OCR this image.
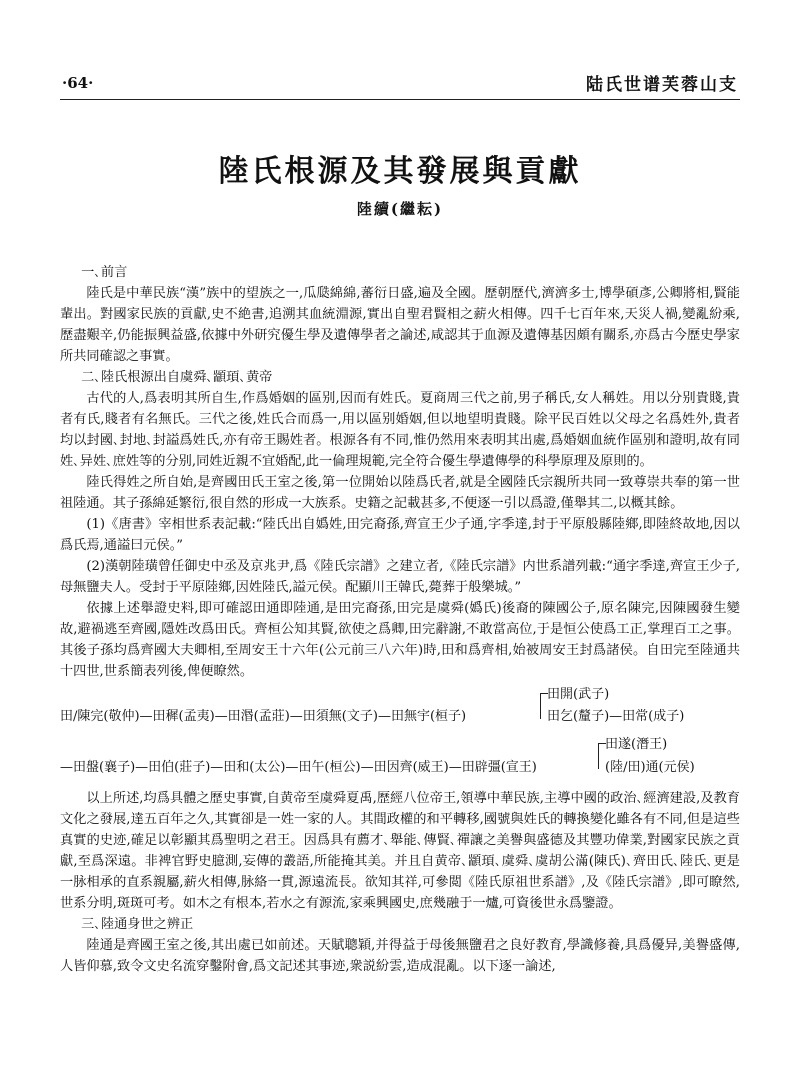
·64·	陆氏世谱芙蓉山支
陸氏根源及其發展與貢獻
陸續(繼耘)

一､前言

陸氏是中華民族“漢”族中的望族之一,瓜瓞綿綿,蕃衍日盛,遍及全國。歷朝歷代,濟濟多士,博學碩彥,公卿將相,賢能輩出。對國家民族的貢獻,史不絶書,追溯其血統淵源,實出自聖君賢相之薪火相傳。四千七百年來,天災人禍,變亂紛乘,歷盡艱辛,仍能振興益盛,依據中外研究優生學及遺傳學者之論述,咸認其于血源及遺傳基因頗有關系,亦爲古今歷史學家所共同確認之事實。

二､陸氏根源出自虞舜､顓頊､黄帝

古代的人,爲表明其所自生,作爲婚姻的區别,因而有姓氏。夏商周三代之前,男子稱氏,女人稱姓。用以分别貴賤,貴者有氏,賤者有名無氏。三代之後,姓氏合而爲一,用以區别婚姻,但以地望明貴賤。除平民百姓以父母之名爲姓外,貴者均以封國､封地､封謚爲姓氏,亦有帝王賜姓者。根源各有不同,惟仍然用來表明其出處,爲婚姻血統作區别和證明,故有同姓､异姓､庶姓等的分别,同姓近親不宜婚配,此一倫理規範,完全符合優生學遺傳學的科學原理及原則的。

陸氏得姓之所自始,是齊國田氏王室之後,第一位開始以陸爲氏者,就是全國陸氏宗親所共同一致尊崇共奉的第一世祖陸通。其子孫綿延繁衍,很自然的形成一大族系。史籍之記載甚多,不便逐一引以爲證,僅舉其二,以概其餘。

(1)《唐書》宰相世系表記載:“陸氏出自嬀姓,田完裔孫,齊宣王少子通,字季達,封于平原般縣陸鄉,即陸終故地,因以爲氏焉,通謚曰元侯。”

(2)漢朝陸璜曾任御史中丞及京兆尹,爲《陸氏宗譜》之建立者,《陸氏宗譜》内世系譜列載:“通字季達,齊宣王少子,母無鹽夫人。受封于平原陸鄉,因姓陸氏,謚元侯。配顯川王韓氏,薨葬于般樂城。”

依據上述舉證史料,即可確認田通即陸通,是田完裔孫,田完是虞舜(嬀氏)後裔的陳國公子,原名陳完,因陳國發生變故,避禍逃至齊國,隱姓改爲田氏。齊桓公知其賢,欲使之爲卿,田完辭謝,不敢當高位,于是恒公使爲工正,掌理百工之事。其後子孫均爲齊國大夫卿相,至周安王十六年(公元前三八六年)時,田和爲齊相,始被周安王封爲諸侯。自田完至陸通共十四世,世系簡表列後,俾便瞭然。

田開(武子)
田/陳完(敬仲)—田穉(孟夷)—田湣(孟莊)—田須無(文子)—田無宇(桓子)	田乞(釐子)—田常(成子)
田遂(潛王)
—田盤(襄子)—田伯(莊子)—田和(太公)—田午(桓公)—田因齊(威王)—田辟彊(宣王)	(陸/田)通(元侯)

以上所述,均爲具體之歷史事實,自黄帝至虞舜夏禹,歷經八位帝王,領導中華民族,主導中國的政治､經濟建設,及教育文化之發展,達五百年之久,其實卻是一姓一家的人。其間政權的和平轉移,國號與姓氏的轉換變化雖各有不同,但是這些真實的史迹,確足以彰顯其爲聖明之君王。因爲具有薦才､舉能､傳賢､禪讓之美譽與盛德及其豐功偉業,對國家民族之貢獻,至爲深遠。非裨官野史臆測,妄傳的叢語,所能掩其美。并且自黄帝､顓頊､虞舜､虞胡公滿(陳氏)､齊田氏､陸氏､更是一脉相承的直系親屬,薪火相傳,脉絡一貫,源遠流長。欲知其祥,可參閲《陸氏原祖世系譜》,及《陸氏宗譜》,即可瞭然,世系分明,斑斑可考。如木之有根本,若水之有源流,家乘興國史,庶幾融于一爐,可資後世永爲鑒證。

三､陸通身世之辨正

陸通是齊國王室之後,其出處已如前述。天賦聰穎,并得益于母後無鹽君之良好教育,學識修養,具爲優异,美譽盛傳,人皆仰慕,致令文史名流穿鑿附會,爲文記述其事迹,衆説紛雲,造成混亂。以下逐一論述,
